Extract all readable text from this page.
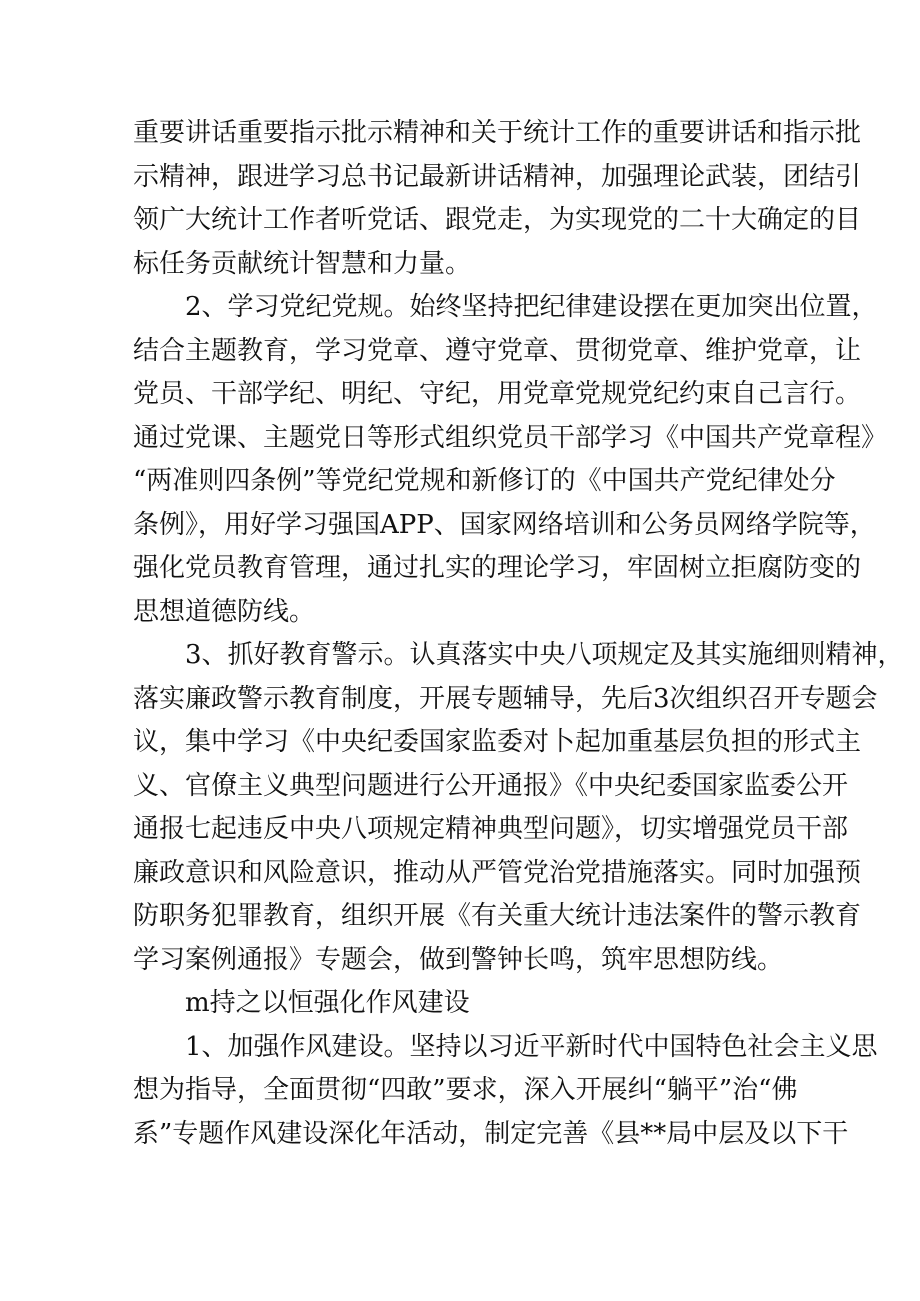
重要讲话重要指示批示精神和关于统计工作的重要讲话和指示批
示精神，跟进学习总书记最新讲话精神，加强理论武装，团结引
领广大统计工作者听党话、跟党走，为实现党的二十大确定的目
标任务贡献统计智慧和力量。
2、学习党纪党规。始终坚持把纪律建设摆在更加突出位置，
结合主题教育，学习党章、遵守党章、贯彻党章、维护党章，让
党员、干部学纪、明纪、守纪，用党章党规党纪约束自己言行。
通过党课、主题党日等形式组织党员干部学习《中国共产党章程》
“两准则四条例”等党纪党规和新修订的《中国共产党纪律处分
条例》，用好学习强国APP、国家网络培训和公务员网络学院等，
强化党员教育管理，通过扎实的理论学习，牢固树立拒腐防变的
思想道德防线。
3、抓好教育警示。认真落实中央八项规定及其实施细则精神，
落实廉政警示教育制度，开展专题辅导，先后3次组织召开专题会
议，集中学习《中央纪委国家监委对卜起加重基层负担的形式主
义、官僚主义典型问题进行公开通报》《中央纪委国家监委公开
通报七起违反中央八项规定精神典型问题》，切实增强党员干部
廉政意识和风险意识，推动从严管党治党措施落实。同时加强预
防职务犯罪教育，组织开展《有关重大统计违法案件的警示教育
学习案例通报》专题会，做到警钟长鸣，筑牢思想防线。
m持之以恒强化作风建设
1、加强作风建设。坚持以习近平新时代中国特色社会主义思
想为指导，全面贯彻“四敢”要求，深入开展纠“躺平”治“佛
系”专题作风建设深化年活动，制定完善《县**局中层及以下干
